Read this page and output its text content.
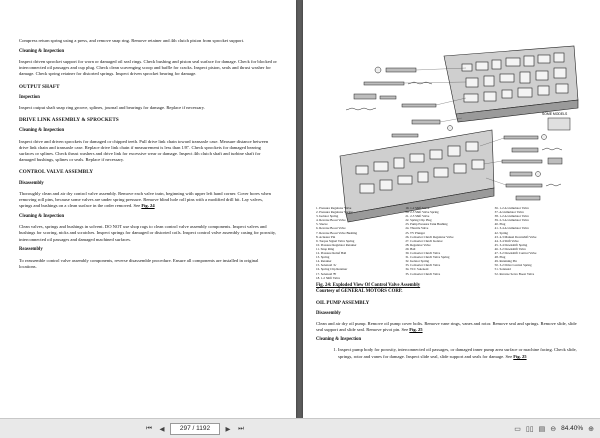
Compress return spring using a press, and remove snap ring. Remove retainer and 4th clutch piston from sprocket support.

Cleaning & Inspection

Inspect driven sprocket support for worn or damaged oil seal rings. Check bushing and piston seal surface for damage. Check for blocked or interconnected oil passages and cup plug. Check clean scavenging scoop and baffle for cracks. Inspect piston, seals and thrust washer for damage. Check spring retainer for distorted springs. Inspect driven sprocket bearing for damage.

OUTPUT SHAFT
Inspection

Inspect output shaft snap ring groove, splines, journal and bearings for damage. Replace if necessary.

DRIVE LINK ASSEMBLY & SPROCKETS
Cleaning & Inspection

Inspect drive and driven sprockets for damaged or chipped teeth. Pull drive link chain toward transaxle case. Measure distance between drive link chain and transaxle case. Replace drive link chain if measurement is less than 1/8". Check sprockets for damaged bearing surfaces or splines. Check thrust washers and drive link for excessive wear or damage. Inspect 4th clutch shaft and turbine shaft for damaged bushings, splines or seals. Replace if necessary.

CONTROL VALVE ASSEMBLY
Disassembly

Thoroughly clean and air dry control valve assembly. Remove each valve train, beginning with upper left hand corner. Cover bores when removing roll pins, because some valves are under spring pressure. Remove blind hole roll pins with a modified drill bit. Lay valves, springs and bushings on a clean surface in the order removed. See Fig. 24

Cleaning & Inspection

Clean valves, springs and bushings in solvent. DO NOT use shop rags to clean control valve assembly components. Inspect valves and bushings for scoring, nicks and scratches. Inspect springs for damaged or distorted coils. Inspect control valve assembly casing for porosity, interconnected oil passages and damaged machined surfaces.

Reassembly

To reassemble control valve assembly components, reverse disassemble procedure. Ensure all components are installed in original locations.

SOME MODELS
1. Pressure Regulator Valve
2. Pressure Regulator Spring
3. Isolator Spring
4. Reverse Boost Valve
5. Sleeve
6. Reverse Boost Valve
7. Reverse Boost Valve Bushing
8. Actuator Pin
9. Torque Signal Valve Spring
10. Pressure Regulator Retainer
11. Snap Ring
12. Pressure Relief Ball
13. Spring
14. Retainer
15. Solenoid 'A'
16. Spring Clip Retainer
17. Solenoid 'B'
18. 1-2 Shift Valve
19. 1-2 Shift Valve
20. 2-3 Shift Valve Spring
21. 2-3 Shift Valve
22. Spring Clip Plug
23. Pump Pressure Tank Bushing
24. Throttle Valve
25. TV Plunger
26. Converter Clutch Regulator Valve
27. Converter Clutch Isolator
28. Regulator Valve
29. Ball
30. Converter Clutch Valve
31. Converter Clutch Valve Spring
32. Isolator Spring
33. Converter Clutch Valve
34. TCC Solenoid
35. Converter Clutch Valve
36. 1-2 Accumulator Valve
37. Accumulator Valve
38. 1-2 Accumulator Valve
39. 2-3 Accumulator Valve
40. Plug
41. 3-4 Accumulator Valve
42. Spring
43. 4-3 Manual Downshift Valve
44. 3-4 Shift Valve
45. 3-4 Downshift Spring
46. 3-2 Downshift Valve
47. 3-2 Downshift Control Valve
48. Plug
49. Retaining Pin
50. 3-2 Drive Control Spring
51. Solenoid
52. Reverse Servo Boost Valve

Fig. 24: Exploded View Of Control Valve Assembly

Courtesy of GENERAL MOTORS CORP.

OIL PUMP ASSEMBLY
Disassembly

Clean and air dry oil pump. Remove oil pump cover bolts. Remove vane rings, vanes and rotor. Remove seal and springs. Remove slide, slide seal support and slide seal. Remove pivot pin. See Fig. 25

Cleaning & Inspection
1. Inspect pump body for porosity, interconnected oil passages, or damaged inner pump area surface or machine facing. Check slide, springs, rotor and vanes for damage. Inspect slide seal, slide support and seals for damage. See Fig. 25
⏮	◀	297 / 1192	▶	⏭	▭ ▯▯ ▤ ⊖ 84.40% ⊕
